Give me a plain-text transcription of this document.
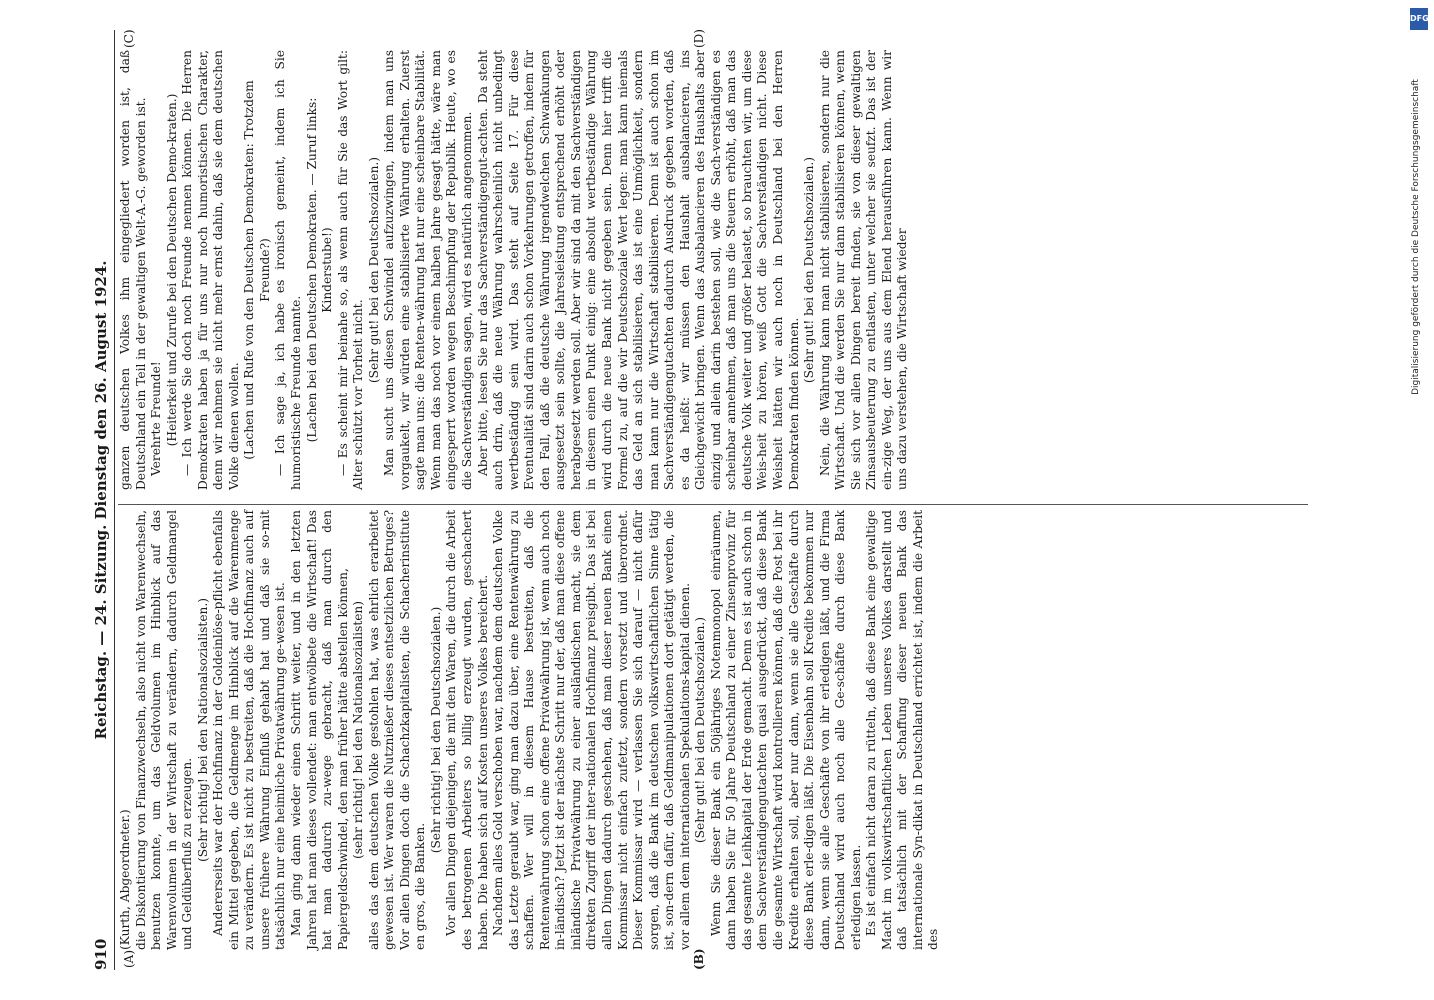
910
Reichstag. — 24. Sitzung. Dienstag den 26. August 1924.
(A)	(B)
(C)	(D)

(Kurth, Abgeordneter.) die Diskontierung von Finanzwechseln, also nicht von Warenwechseln, benutzen konnte, um das Geldvolumen im Hinblick auf das Warenvolumen in der Wirtschaft zu verändern, dadurch Geldmangel und Geldüberfluß zu erzeugen. (Sehr richtig! bei den Nationalsozialisten.) Andererseits war der Hochfinanz in der Goldeinlöse-pflicht ebenfalls ein Mittel gegeben, die Geldmenge im Hinblick auf die Warenmenge zu verändern. Es ist nicht zu bestreiten, daß die Hochfinanz auch auf unsere frühere Währung Einfluß gehabt hat und daß sie so-mit tatsächlich nur eine heimliche Privatwährung ge-wesen ist. Man ging dann wieder einen Schritt weiter, und in den letzten Jahren hat man dieses vollendet: man entwölbete die Wirtschaft! Das hat man dadurch zu-wege gebracht, daß man durch den Papiergeldschwindel, den man früher hätte abstellen können, (sehr richtig! bei den Nationalsozialisten) alles das dem deutschen Volke gestohlen hat, was ehrlich erarbeitet gewesen ist. Wer waren die Nutznießer dieses entsetzlichen Betruges? Vor allen Dingen doch die Schachzkapitalisten, die Schacherinstitute en gros, die Banken.

(Sehr richtig! bei den Deutschsozialen.) Vor allen Dingen diejenigen, die mit den Waren, die durch die Arbeit des betrogenen Arbeiters so billig erzeugt wurden, geschachert haben. Die haben sich auf Kosten unseres Volkes bereichert. Nachdem alles Gold verschoben war, nachdem dem deutschen Volke das Letzte geraubt war, ging man dazu über, eine Rentenwährung zu schaffen. Wer will in diesem Hause bestreiten, daß die Rentenwährung schon eine offene Privatwährung ist, wenn auch noch in-ländisch? Jetzt ist der nächste Schritt nur der, daß man diese offene inländische Privatwährung zu einer ausländischen macht, sie dem direkten Zugriff der inter-nationalen Hochfinanz preisgibt. Das ist bei allen Dingen dadurch geschehen, daß man dieser neuen Bank einen Kommissar nicht einfach zufetzt, sondern vorsetzt und überordnet. Dieser Kommissar wird — verlassen Sie sich darauf — nicht dafür sorgen, daß die Bank im deutschen volkswirtschaftlichen Sinne tätig ist, son-dern dafür, daß Geldmanipulationen dort getätigt werden, die vor allem dem internationalen Spekulations-kapital dienen. (Sehr gut! bei den Deutschsozialen.) Wenn Sie dieser Bank ein 50jähriges Notenmonopol einräumen, dann haben Sie für 50 Jahre Deutschland zu einer Zinsenprovinz für das gesamte Leihkapital der Erde gemacht. Denn es ist auch schon in dem Sachverständigengutachten quasi ausgedrückt, daß diese Bank die gesamte Wirtschaft wird kontrollieren können, daß die Post bei ihr Kredite erhalten soll, aber nur dann, wenn sie alle Geschäfte durch diese Bank erle-digen läßt. Die Eisenbahn soll Kredite bekommen nur dann, wenn sie alle Geschäfte von ihr erledigen läßt, und die Firma Deutschland wird auch noch alle Ge-schäfte durch diese Bank erledigen lassen. Es ist einfach nicht daran zu rütteln, daß diese Bank eine gewaltige Macht im volkswirtschaftlichen Leben unseres Volkes darstellt und daß tatsächlich mit der Schaffung dieser neuen Bank das internationale Syn-dikat in Deutschland errichtet ist, indem die Arbeit des

ganzen deutschen Volkes ihm eingegliedert worden ist, daß Deutschland ein Teil in der gewaltigen Welt-A.-G. geworden ist. Verehrte Freunde! (Heiterkeit und Zurufe bei den Deutschen Demo-kraten.) — Ich werde Sie doch noch Freunde nennen können. Die Herren Demokraten haben ja für uns nur noch humoristischen Charakter, denn wir nehmen sie nicht mehr ernst dahin, daß sie dem deutschen Volke dienen wollen. (Lachen und Rufe von den Deutschen Demokraten: Trotzdem Freunde?) — Ich sage ja, ich habe es ironisch gemeint, indem ich Sie humoristische Freunde nannte. (Lachen bei den Deutschen Demokraten. — Zuruf links: Kinderstube!) — Es scheint mir beinahe so, als wenn auch für Sie das Wort gilt: Alter schützt vor Torheit nicht.

(Sehr gut! bei den Deutschsozialen.) Man sucht uns diesen Schwindel aufzuzwingen, indem man uns vorgaukelt, wir würden eine stabilisierte Währung erhalten. Zuerst sagte man uns: die Renten-währung hat nur eine scheinbare Stabilität. Wenn man das noch vor einem halben Jahre gesagt hätte, wäre man eingesperrt worden wegen Beschimpfung der Republik. Heute, wo es die Sachverständigen sagen, wird es natürlich angenommen. Aber bitte, lesen Sie nur das Sachverständigengut-achten. Da steht auch drin, daß die neue Währung wahrscheinlich nicht unbedingt wertbeständig sein wird. Das steht auf Seite 17. Für diese Eventualität sind darin auch schon Vorkehrungen getroffen, indem für den Fall, daß die deutsche Währung irgendwelchen Schwankungen ausgesetzt sein sollte, die Jahresleistung entsprechend erhöht oder herabgesetzt werden soll. Aber wir sind da mit den Sachverständigen in diesem einen Punkt einig: eine absolut wertbeständige Währung wird durch die neue Bank nicht gegeben sein. Denn hier trifft die Formel zu, auf die wir Deutschsoziale Wert legen: man kann niemals das Geld an sich stabilisieren, das ist eine Unmöglichkeit, sondern man kann nur die Wirtschaft stabilisieren. Denn ist auch schon im Sachverständigengutachten dadurch Ausdruck gegeben worden, daß es da heißt: wir müssen den Haushalt ausbalancieren, ins Gleichgewicht bringen. Wenn das Ausbalancieren des Haushalts aber einzig und allein darin bestehen soll, wie die Sach-verständigen es scheinbar annehmen, daß man uns die Steuern erhöht, daß man das deutsche Volk weiter und größer belastet, so brauchten wir, um diese Weis-heit zu hören, weiß Gott die Sachverständigen nicht. Diese Weisheit hätten wir auch noch in Deutschland bei den Herren Demokraten finden können.

(Sehr gut! bei den Deutschsozialen.) Nein, die Währung kann man nicht stabilisieren, sondern nur die Wirtschaft. Und die werden Sie nur dann stabilisieren können, wenn Sie sich vor allen Dingen bereit finden, sie von dieser gewaltigen Zinsausbeuterung zu entlasten, unter welcher sie seufzt. Das ist der ein-zige Weg, der uns aus dem Elend herausführen kann. Wenn wir uns dazu verstehen, die Wirtschaft wieder

DFG
Digitalisierung gefördert durch die Deutsche Forschungsgemeinschaft
